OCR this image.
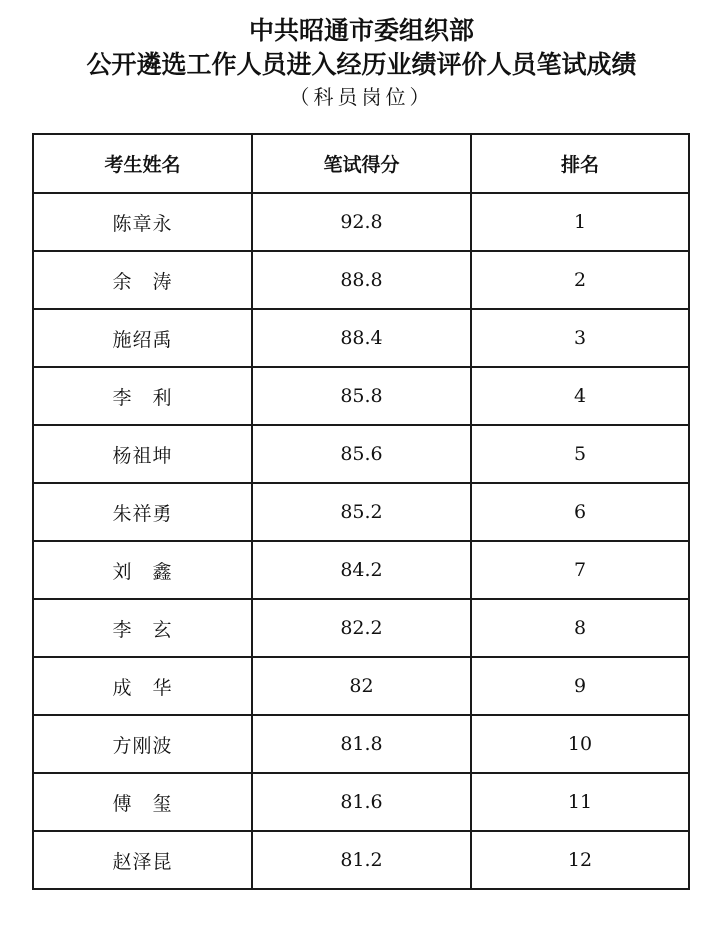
中共昭通市委组织部
公开遴选工作人员进入经历业绩评价人员笔试成绩
（科员岗位）
考生姓名	笔试得分	排名
陈章永	92.8	1
余　涛	88.8	2
施绍禹	88.4	3
李　利	85.8	4
杨祖坤	85.6	5
朱祥勇	85.2	6
刘　鑫	84.2	7
李　玄	82.2	8
成　华	82	9
方刚波	81.8	10
傅　玺	81.6	11
赵泽昆	81.2	12
